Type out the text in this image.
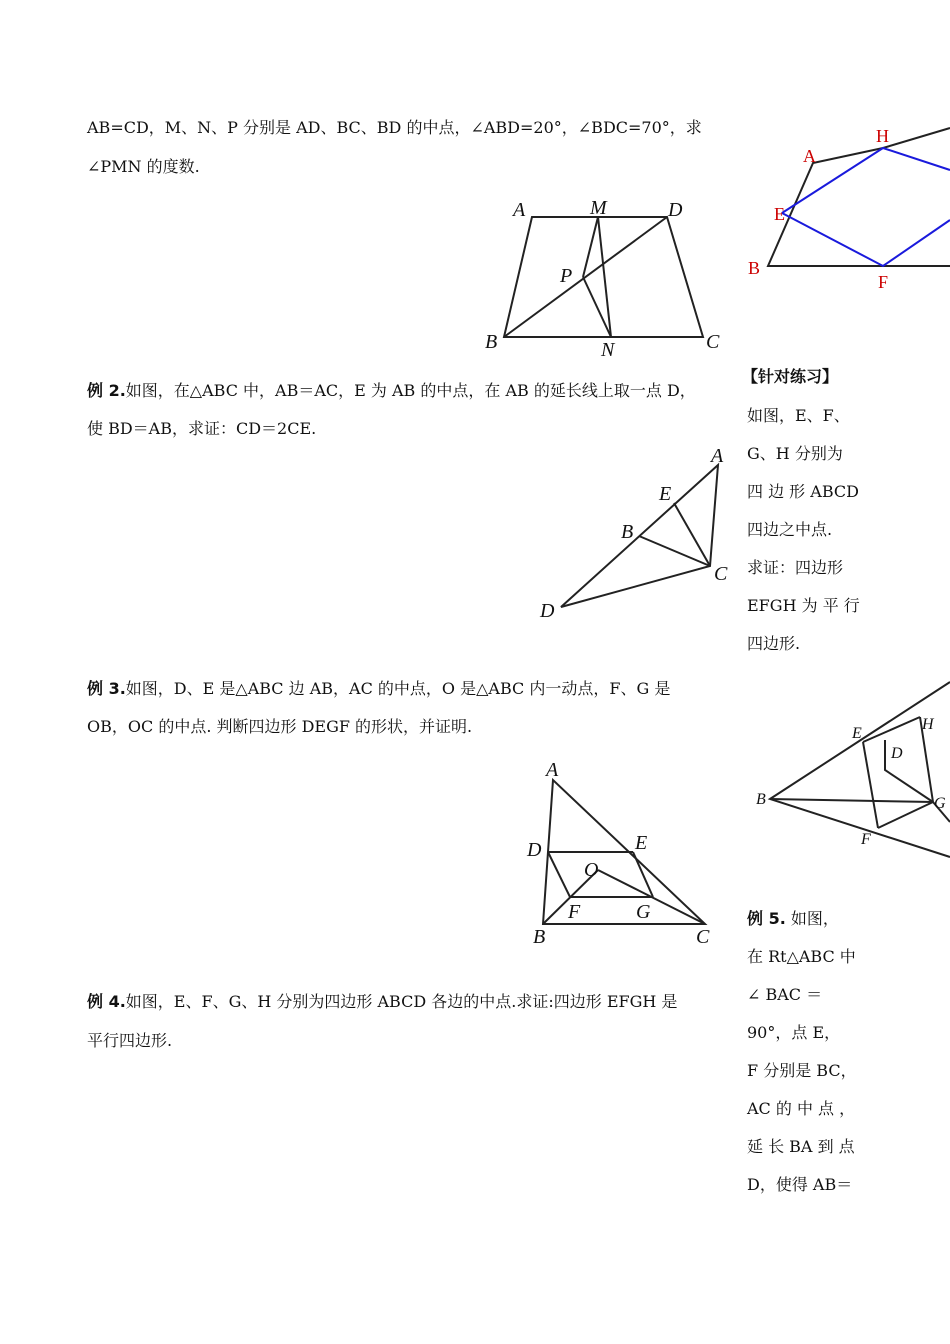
AB=CD，M、N、P 分别是 AD、BC、BD 的中点，∠ABD=20°，∠BDC=70°，求
∠PMN 的度数.
A	M	D
P
B	N	C
例 2.如图，在△ABC 中，AB＝AC，E 为 AB 的中点，在 AB 的延长线上取一点 D，
使 BD＝AB，求证：CD＝2CE.
A
E
B
C
D
例 3.如图，D、E 是△ABC 边 AB，AC 的中点，O 是△ABC 内一动点，F、G 是
OB，OC 的中点. 判断四边形 DEGF 的形状，并证明.
A
D	E
O
F	G
B	C
例 4.如图，E、F、G、H 分别为四边形 ABCD 各边的中点.求证:四边形 EFGH 是
平行四边形.
A
H
E
B
F
【针对练习】
如图，E、F、
G、H 分别为
四 边 形 ABCD
四边之中点.
求证：四边形
EFGH 为 平 行
四边形.
E
H
D
B	G
F
例 5. 如图，
在 Rt△ABC 中
∠ BAC ＝
90°，点 E，
F 分别是 BC，
AC 的 中 点 ，
延 长 BA 到 点
D，使得 AB＝
